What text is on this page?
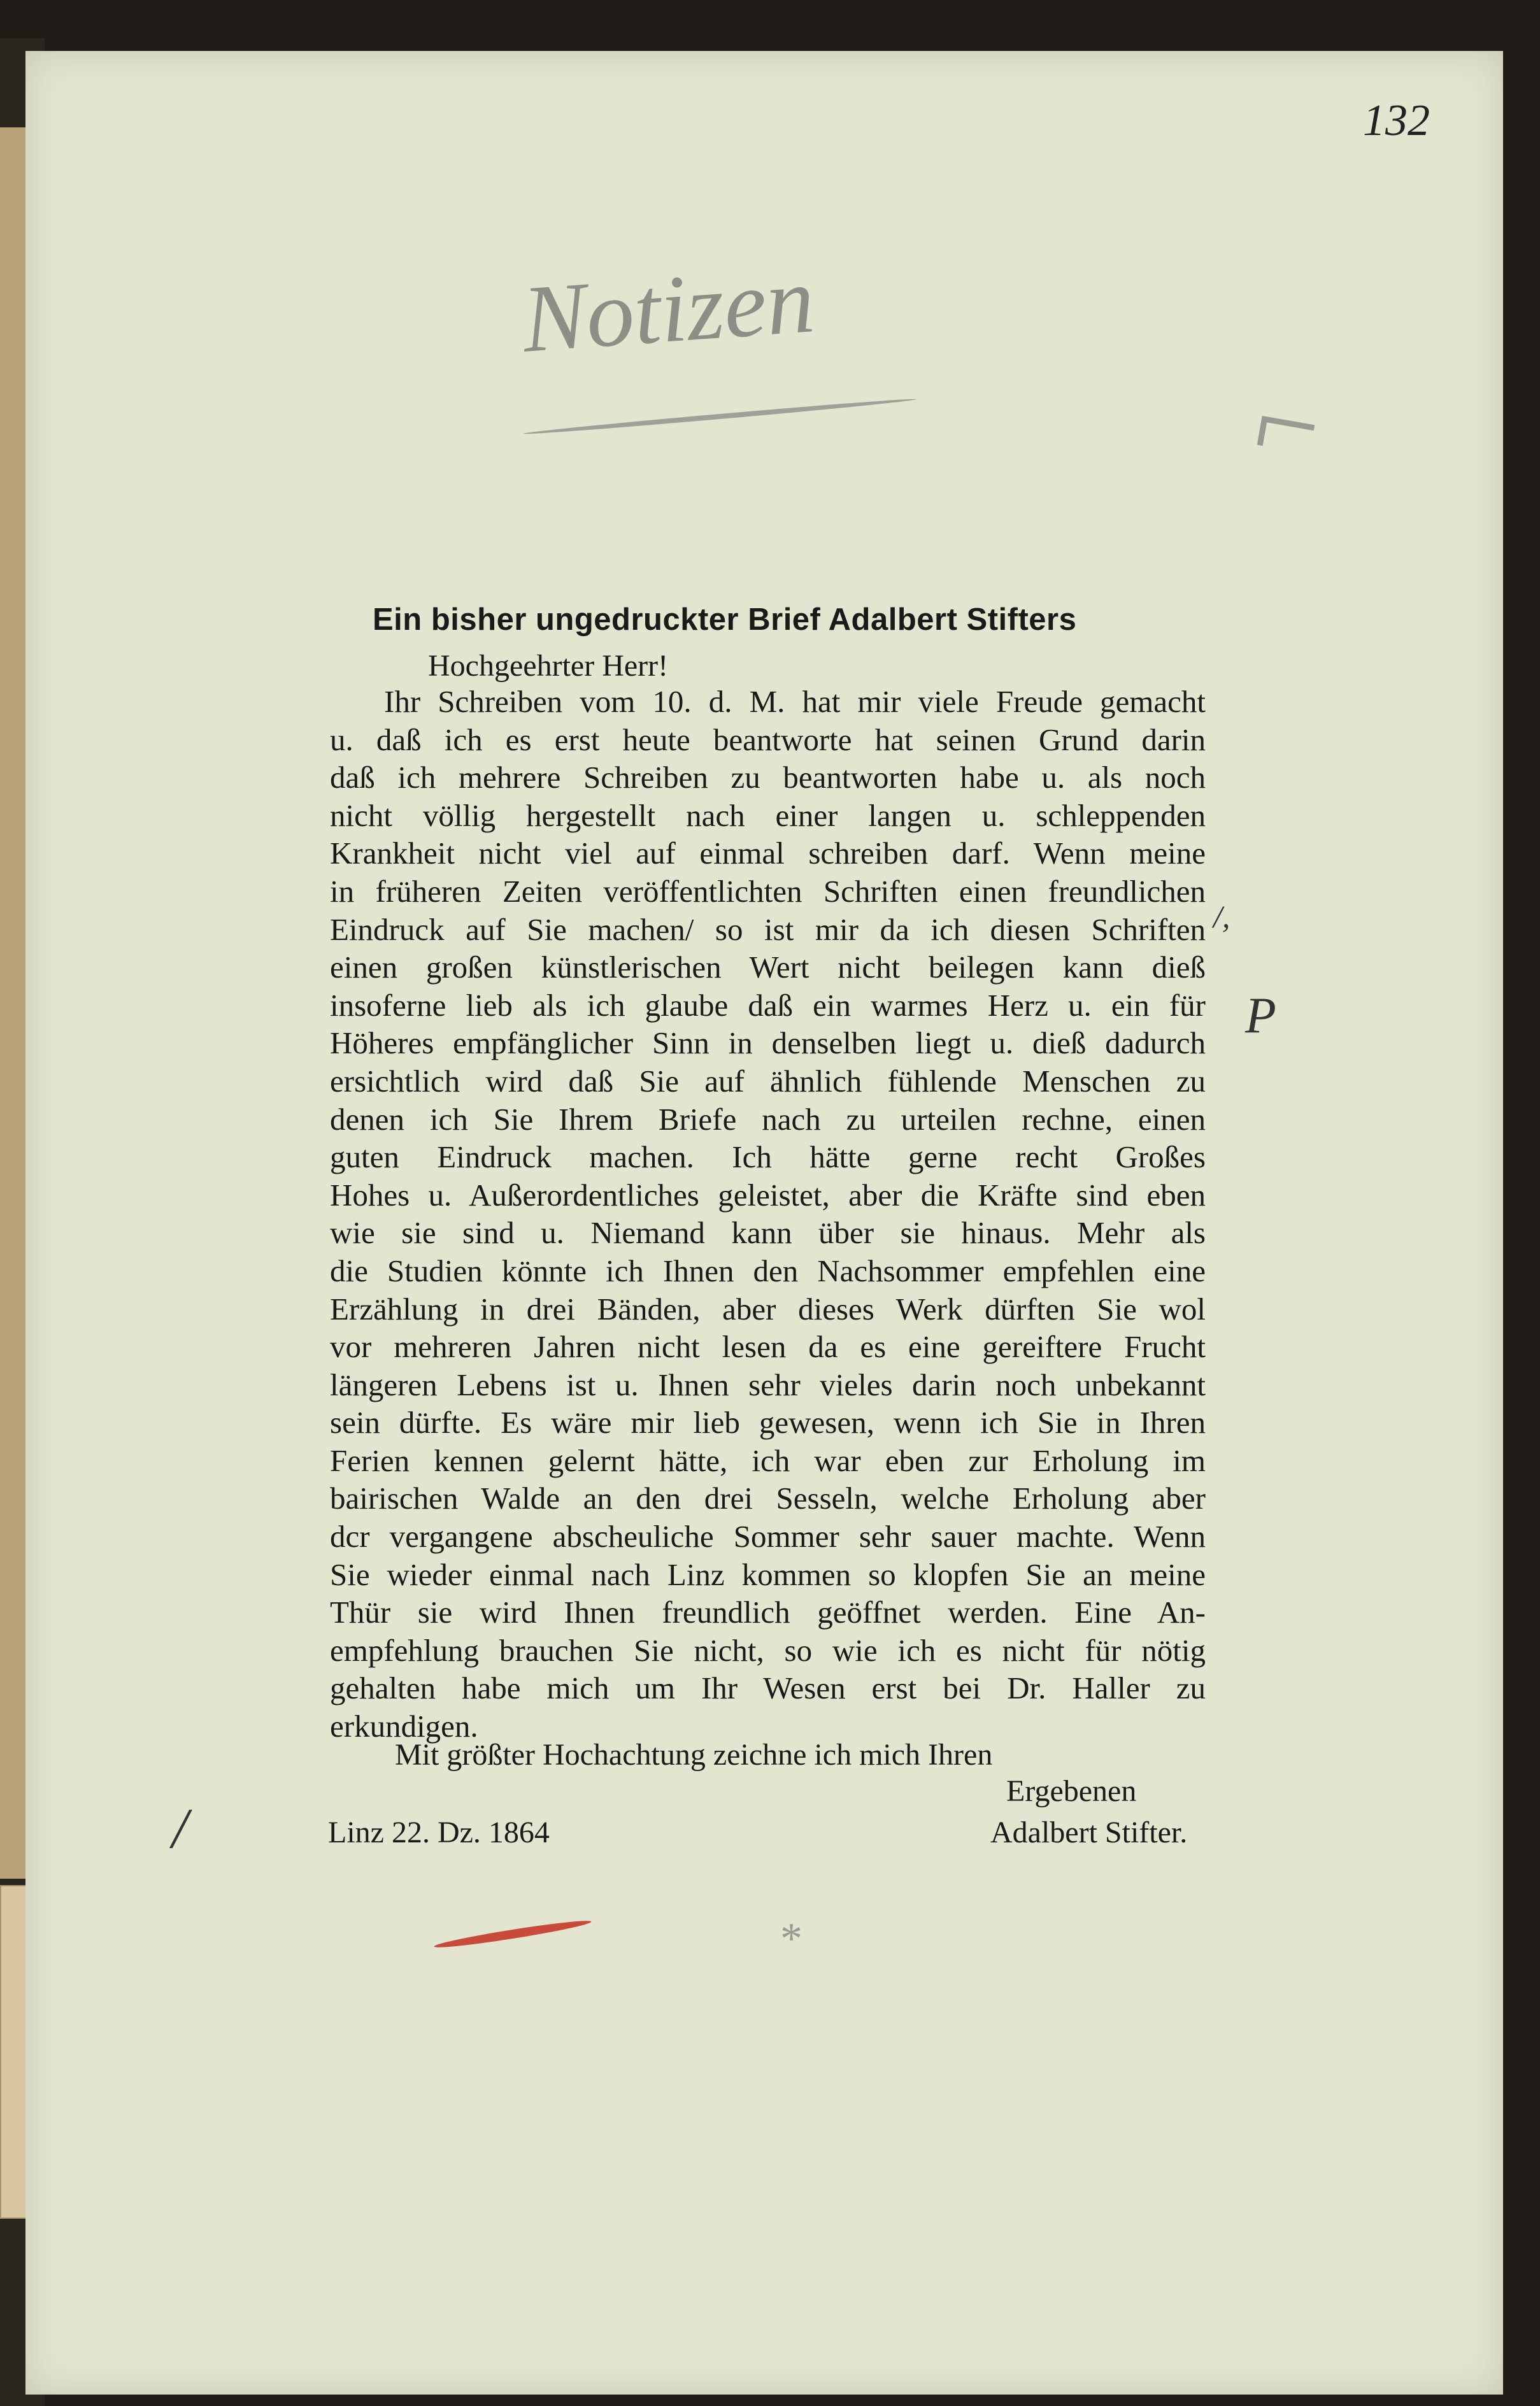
132
Notizen
⌐
Ein bisher ungedruckter Brief Adalbert Stifters
Hochgeehrter Herr!
Ihr Schreiben vom 10. d. M. hat mir viele Freude gemacht
u. daß ich es erst heute beantworte hat seinen Grund darin
daß ich mehrere Schreiben zu beantworten habe u. als noch
nicht völlig hergestellt nach einer langen u. schleppenden
Krankheit nicht viel auf einmal schreiben darf. Wenn meine
in früheren Zeiten veröffentlichten Schriften einen freundlichen
Eindruck auf Sie machen/ so ist mir da ich diesen Schriften
einen großen künstlerischen Wert nicht beilegen kann dieß
insoferne lieb als ich glaube daß ein warmes Herz u. ein für
Höheres empfänglicher Sinn in denselben liegt u. dieß dadurch
ersichtlich wird daß Sie auf ähnlich fühlende Menschen zu
denen ich Sie Ihrem Briefe nach zu urteilen rechne, einen
guten Eindruck machen. Ich hätte gerne recht Großes
Hohes u. Außerordentliches geleistet, aber die Kräfte sind eben
wie sie sind u. Niemand kann über sie hinaus. Mehr als
die Studien könnte ich Ihnen den Nachsommer empfehlen eine
Erzählung in drei Bänden, aber dieses Werk dürften Sie wol
vor mehreren Jahren nicht lesen da es eine gereiftere Frucht
längeren Lebens ist u. Ihnen sehr vieles darin noch unbekannt
sein dürfte. Es wäre mir lieb gewesen, wenn ich Sie in Ihren
Ferien kennen gelernt hätte, ich war eben zur Erholung im
bairischen Walde an den drei Sesseln, welche Erholung aber
dcr vergangene abscheuliche Sommer sehr sauer machte. Wenn
Sie wieder einmal nach Linz kommen so klopfen Sie an meine
Thür sie wird Ihnen freundlich geöffnet werden. Eine An-
empfehlung brauchen Sie nicht, so wie ich es nicht für nötig
gehalten habe mich um Ihr Wesen erst bei Dr. Haller zu
erkundigen.
/,
P
/
Mit größter Hochachtung zeichne ich mich Ihren
Ergebenen
Linz 22. Dz. 1864	Adalbert Stifter.
*
